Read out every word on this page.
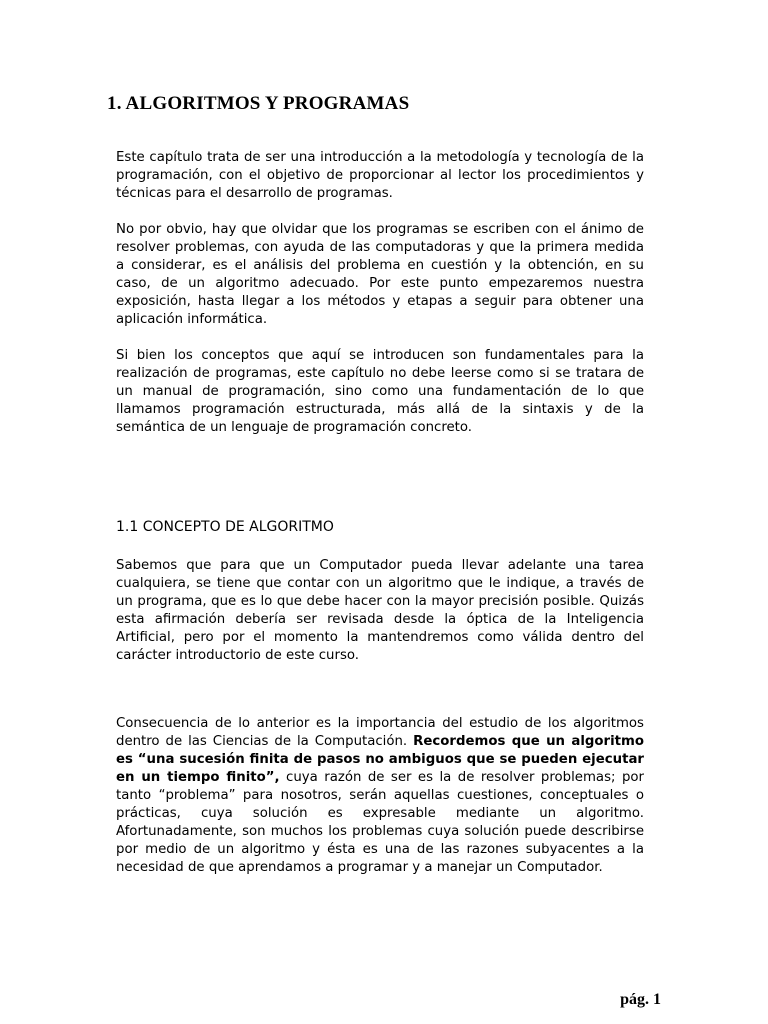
1. ALGORITMOS Y PROGRAMAS

Este capítulo trata de ser una introducción a la metodología y tecnología de la programación, con el objetivo de proporcionar al lector los procedimientos y técnicas para el desarrollo de programas.

No por obvio, hay que olvidar que los programas se escriben con el ánimo de resolver problemas, con ayuda de las computadoras y que la primera medida a considerar, es el análisis del problema en cuestión y la obtención, en su caso, de un algoritmo adecuado. Por este punto empezaremos nuestra exposición, hasta llegar a los métodos y etapas a seguir para obtener una aplicación informática.

Si bien los conceptos que aquí se introducen son fundamentales para la realización de programas, este capítulo no debe leerse como si se tratara de un manual de programación, sino como una fundamentación de lo que llamamos programación estructurada, más allá de la sintaxis y de la semántica de un lenguaje de programación concreto.

1.1 CONCEPTO DE ALGORITMO

Sabemos que para que un Computador pueda llevar adelante una tarea cualquiera, se tiene que contar con un algoritmo que le indique, a través de un programa, que es lo que debe hacer con la mayor precisión posible. Quizás esta afirmación debería ser revisada desde la óptica de la Inteligencia Artificial, pero por el momento la mantendremos como válida dentro del carácter introductorio de este curso.

Consecuencia de lo anterior es la importancia del estudio de los algoritmos dentro de las Ciencias de la Computación. Recordemos que un algoritmo es “una sucesión finita de pasos no ambiguos que se pueden ejecutar en un tiempo finito”, cuya razón de ser es la de resolver problemas; por tanto “problema” para nosotros, serán aquellas cuestiones, conceptuales o prácticas, cuya solución es expresable mediante un algoritmo. Afortunadamente, son muchos los problemas cuya solución puede describirse por medio de un algoritmo y ésta es una de las razones subyacentes a la necesidad de que aprendamos a programar y a manejar un Computador.

pág. 1
